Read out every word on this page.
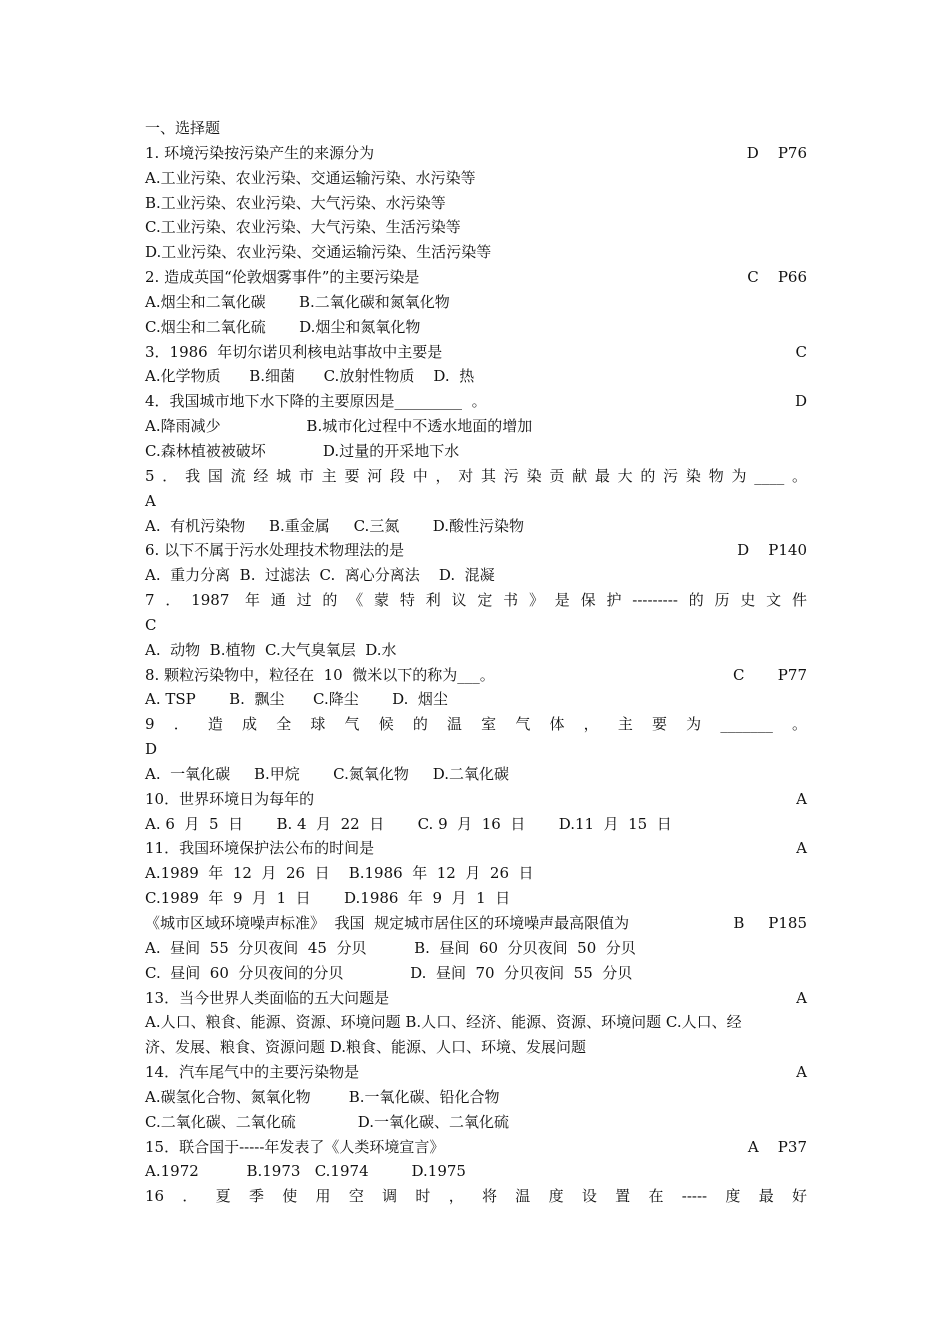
一、选择题
1. 环境污染按污染产生的来源分为	D    P76
A.工业污染、农业污染、交通运输污染、水污染等
B.工业污染、农业污染、大气污染、水污染等
C.工业污染、农业污染、大气污染、生活污染等
D.工业污染、农业污染、交通运输污染、生活污染等
2. 造成英国“伦敦烟雾事件”的主要污染是	C    P66
A.烟尘和二氧化碳       B.二氧化碳和氮氧化物
C.烟尘和二氧化硫       D.烟尘和氮氧化物
3．1986  年切尔诺贝利核电站事故中主要是	C
A.化学物质      B.细菌      C.放射性物质    D.  热
4．我国城市地下水下降的主要原因是_________  。	D
A.降雨减少                  B.城市化过程中不透水地面的增加
C.森林植被被破坏            D.过量的开采地下水
5．我国流经城市主要河段中，对其污染贡献最大的污染物为____。
A
A.  有机污染物     B.重金属     C.三氮       D.酸性污染物
6. 以下不属于污水处理技术物理法的是	D    P140
A.  重力分离  B.  过滤法  C.  离心分离法    D.  混凝
7．1987 年通过的《蒙特利议定书》是保护---------的历史文件
C
A.  动物  B.植物  C.大气臭氧层  D.水
8. 颗粒污染物中，粒径在  10  微米以下的称为___。	C       P77
A. TSP       B.  飘尘      C.降尘       D.  烟尘
9．造成全球气候的温室气体，主要为_______。
D
A.  一氧化碳     B.甲烷       C.氮氧化物     D.二氧化碳
10．世界环境日为每年的	A
A. 6  月  5  日       B. 4  月  22  日       C. 9  月  16  日       D.11  月  15  日
11．我国环境保护法公布的时间是	A
A.1989  年  12  月  26  日    B.1986  年  12  月  26  日
C.1989  年  9  月  1  日       D.1986  年  9  月  1  日
《城市区域环境噪声标准》  我国  规定城市居住区的环境噪声最高限值为	B     P185
A.  昼间  55  分贝夜间  45  分贝          B.  昼间  60  分贝夜间  50  分贝
C.  昼间  60  分贝夜间的分贝              D.  昼间  70  分贝夜间  55  分贝
13．当今世界人类面临的五大问题是	A
A.人口、粮食、能源、资源、环境问题 B.人口、经济、能源、资源、环境问题 C.人口、经
济、发展、粮食、资源问题 D.粮食、能源、人口、环境、发展问题
14．汽车尾气中的主要污染物是	A
A.碳氢化合物、氮氧化物        B.一氧化碳、铅化合物
C.二氧化碳、二氧化硫             D.一氧化碳、二氧化硫
15．联合国于-----年发表了《人类环境宣言》	A    P37
A.1972          B.1973   C.1974         D.1975
16．夏季使用空调时，将温度设置在-----度最好
